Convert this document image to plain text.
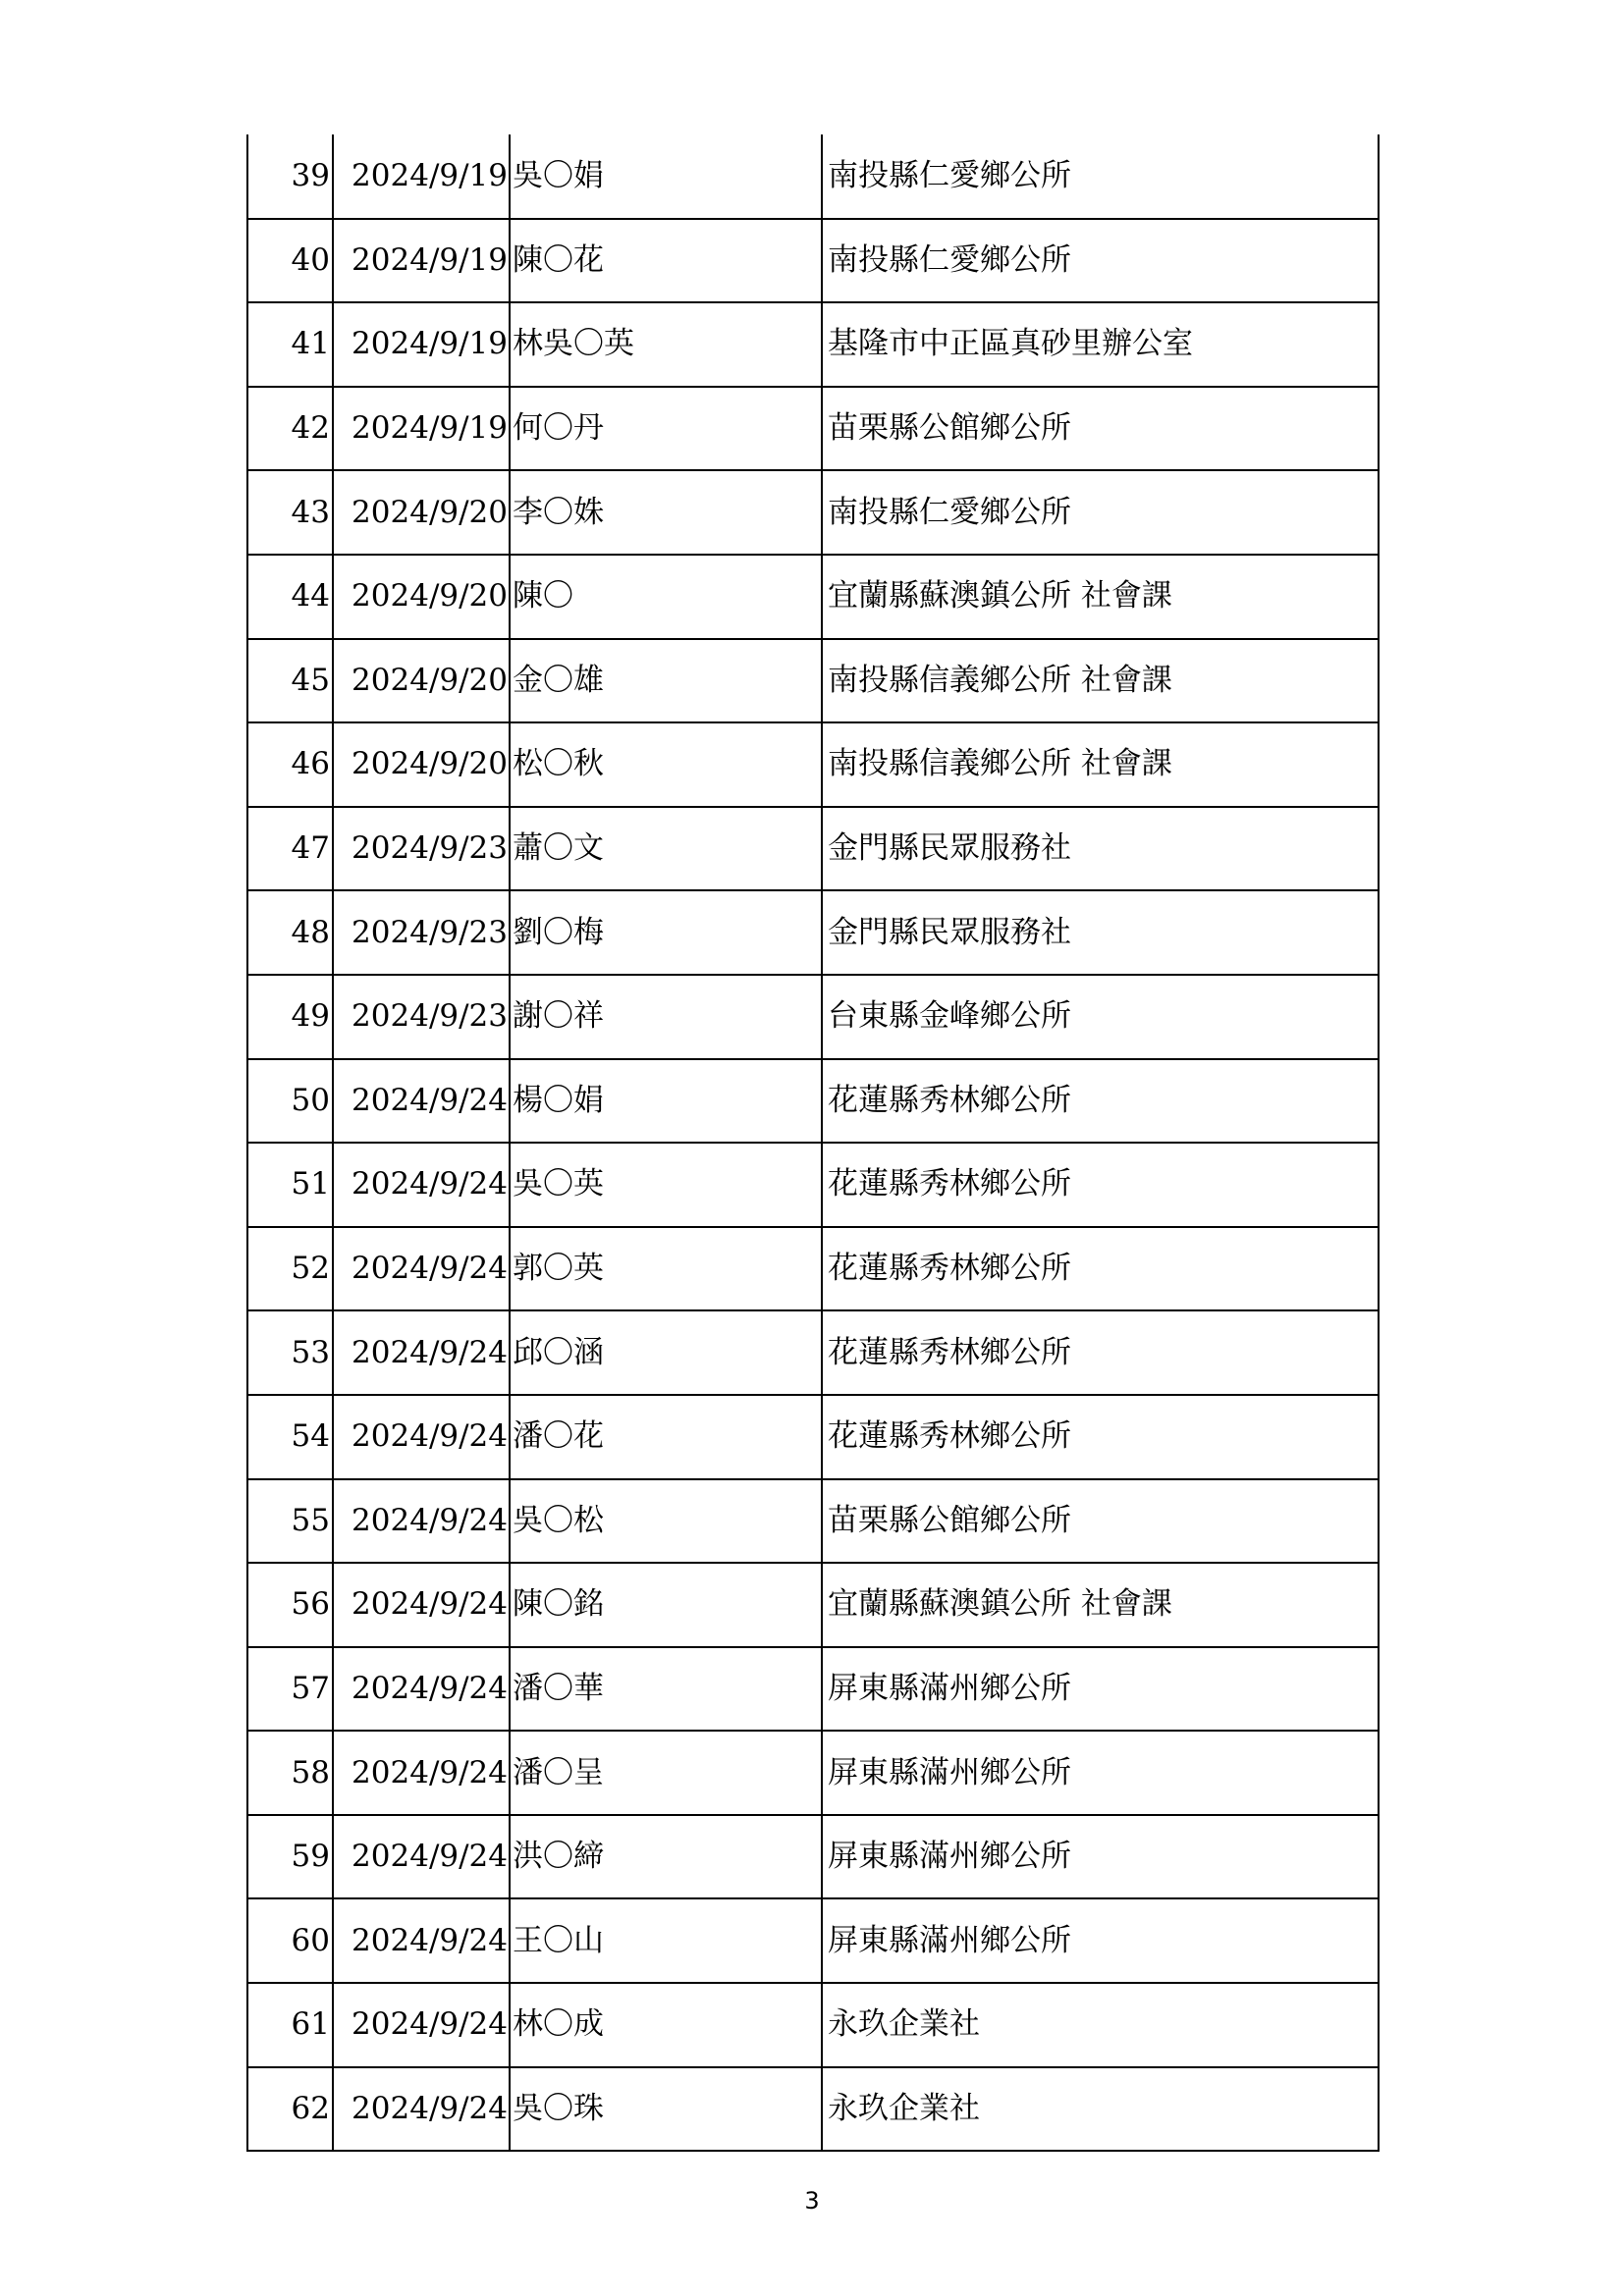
39	2024/9/19	吳〇娟	南投縣仁愛鄉公所
40	2024/9/19	陳〇花	南投縣仁愛鄉公所
41	2024/9/19	林吳〇英	基隆市中正區真砂里辦公室
42	2024/9/19	何〇丹	苗栗縣公館鄉公所
43	2024/9/20	李〇姝	南投縣仁愛鄉公所
44	2024/9/20	陳〇	宜蘭縣蘇澳鎮公所 社會課
45	2024/9/20	金〇雄	南投縣信義鄉公所 社會課
46	2024/9/20	松〇秋	南投縣信義鄉公所 社會課
47	2024/9/23	蕭〇文	金門縣民眾服務社
48	2024/9/23	劉〇梅	金門縣民眾服務社
49	2024/9/23	謝〇祥	台東縣金峰鄉公所
50	2024/9/24	楊〇娟	花蓮縣秀林鄉公所
51	2024/9/24	吳〇英	花蓮縣秀林鄉公所
52	2024/9/24	郭〇英	花蓮縣秀林鄉公所
53	2024/9/24	邱〇涵	花蓮縣秀林鄉公所
54	2024/9/24	潘〇花	花蓮縣秀林鄉公所
55	2024/9/24	吳〇松	苗栗縣公館鄉公所
56	2024/9/24	陳〇銘	宜蘭縣蘇澳鎮公所 社會課
57	2024/9/24	潘〇華	屏東縣滿州鄉公所
58	2024/9/24	潘〇呈	屏東縣滿州鄉公所
59	2024/9/24	洪〇締	屏東縣滿州鄉公所
60	2024/9/24	王〇山	屏東縣滿州鄉公所
61	2024/9/24	林〇成	永玖企業社
62	2024/9/24	吳〇珠	永玖企業社
3
